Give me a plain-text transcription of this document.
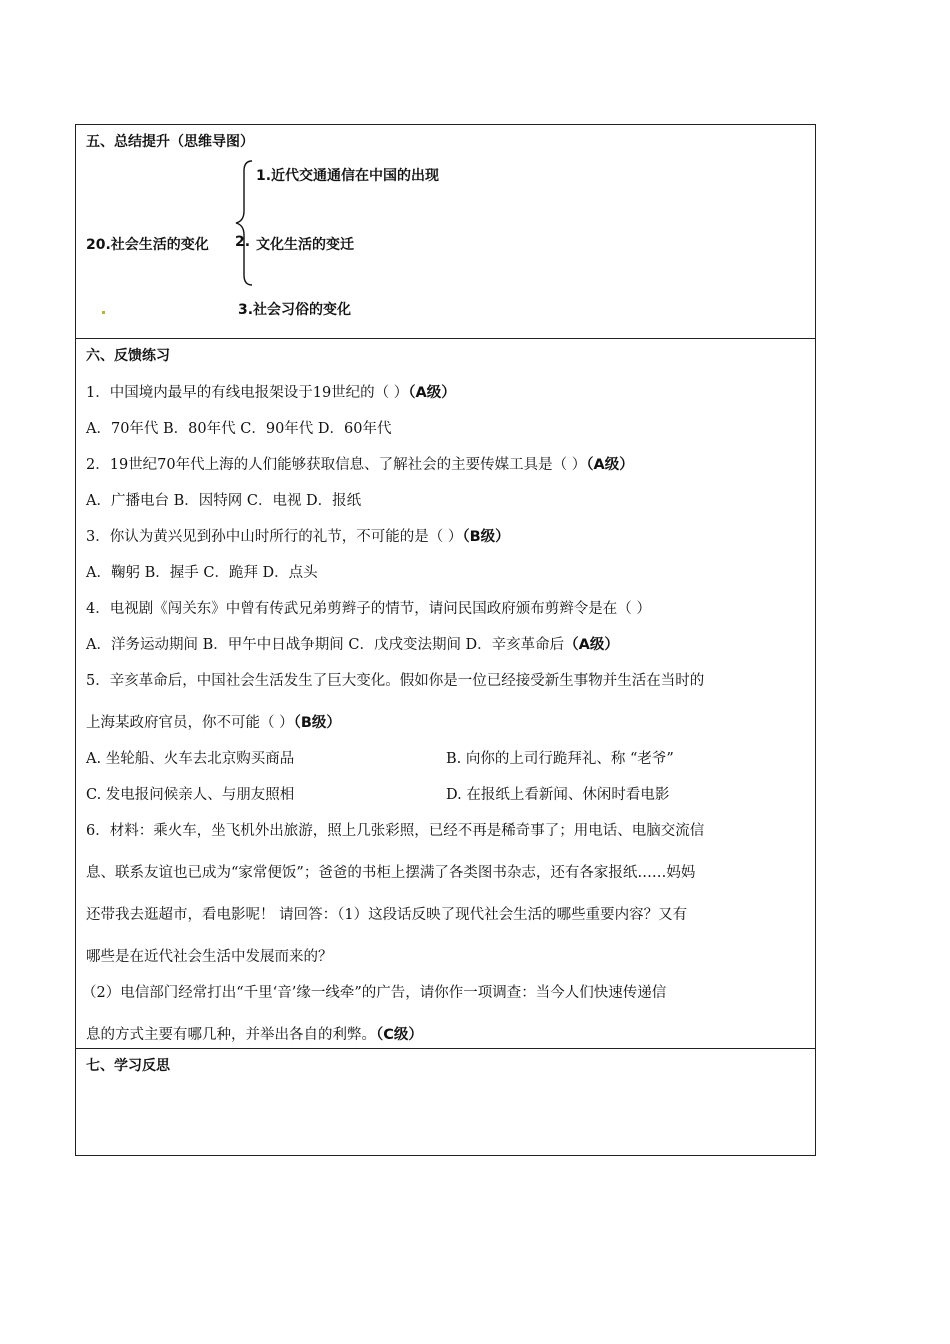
五、总结提升（思维导图）
1.近代交通通信在中国的出现
20.社会生活的变化 2. 文化生活的变迁
3.社会习俗的变化
六、反馈练习
1．中国境内最早的有线电报架设于19世纪的（ ）（A级）
A．70年代 B．80年代 C．90年代 D．60年代
2．19世纪70年代上海的人们能够获取信息、了解社会的主要传媒工具是（ ）（A级）
A．广播电台 B．因特网 C．电视 D．报纸
3．你认为黄兴见到孙中山时所行的礼节，不可能的是（ ）（B级）
A．鞠躬 B．握手 C．跪拜 D．点头
4．电视剧《闯关东》中曾有传武兄弟剪辫子的情节，请问民国政府颁布剪辫令是在（ ）
A．洋务运动期间 B．甲午中日战争期间 C．戊戌变法期间 D．辛亥革命后（A级）
5．辛亥革命后，中国社会生活发生了巨大变化。假如你是一位已经接受新生事物并生活在当时的
上海某政府官员，你不可能（ ）（B级）
A. 坐轮船、火车去北京购买商品	B. 向你的上司行跪拜礼、称 “老爷”
C. 发电报问候亲人、与朋友照相	D. 在报纸上看新闻、休闲时看电影
6．材料：乘火车，坐飞机外出旅游，照上几张彩照，已经不再是稀奇事了；用电话、电脑交流信
息、联系友谊也已成为“家常便饭”；爸爸的书柜上摆满了各类图书杂志，还有各家报纸……妈妈
还带我去逛超市，看电影呢！ 请回答：（1）这段话反映了现代社会生活的哪些重要内容？又有
哪些是在近代社会生活中发展而来的？
（2）电信部门经常打出“千里‘音’缘一线牵”的广告，请你作一项调查：当今人们快速传递信
息的方式主要有哪几种，并举出各自的利弊。（C级）
七、学习反思
